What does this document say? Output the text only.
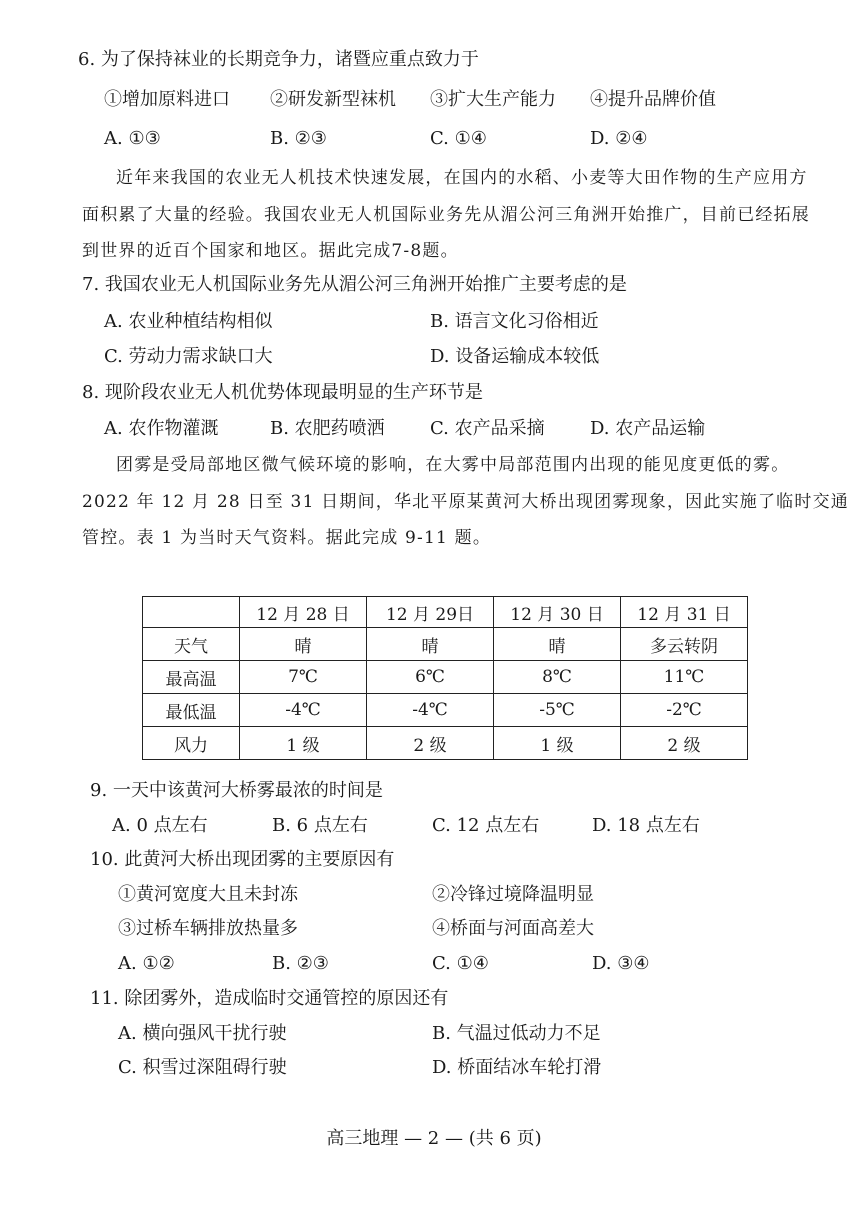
6. 为了保持袜业的长期竞争力，诸暨应重点致力于
①增加原料进口 ②研发新型袜机 ③扩大生产能力 ④提升品牌价值
A. ①③	B. ②③	C. ①④	D. ②④
近年来我国的农业无人机技术快速发展，在国内的水稻、小麦等大田作物的生产应用方
面积累了大量的经验。我国农业无人机国际业务先从湄公河三角洲开始推广，目前已经拓展
到世界的近百个国家和地区。据此完成7-8题。
7. 我国农业无人机国际业务先从湄公河三角洲开始推广主要考虑的是
A. 农业种植结构相似	B. 语言文化习俗相近
C. 劳动力需求缺口大	D. 设备运输成本较低
8. 现阶段农业无人机优势体现最明显的生产环节是
A. 农作物灌溉	B. 农肥药喷洒	C. 农产品采摘	D. 农产品运输
团雾是受局部地区微气候环境的影响，在大雾中局部范围内出现的能见度更低的雾。
2022 年 12 月 28 日至 31 日期间，华北平原某黄河大桥出现团雾现象，因此实施了临时交通
管控。表 1 为当时天气资料。据此完成 9-11 题。
	12 月 28 日	12 月 29日	12 月 30 日	12 月 31 日
天气	晴	晴	晴	多云转阴
最高温	7℃	6℃	8℃	11℃
最低温	-4℃	-4℃	-5℃	-2℃
风力	1 级	2 级	1 级	2 级
9. 一天中该黄河大桥雾最浓的时间是
A. 0 点左右	B. 6 点左右	C. 12 点左右	D. 18 点左右
10. 此黄河大桥出现团雾的主要原因有
①黄河宽度大且未封冻	②冷锋过境降温明显
③过桥车辆排放热量多	④桥面与河面高差大
A. ①②	B. ②③	C. ①④	D. ③④
11. 除团雾外，造成临时交通管控的原因还有
A. 横向强风干扰行驶	B. 气温过低动力不足
C. 积雪过深阻碍行驶	D. 桥面结冰车轮打滑
高三地理 — 2 — (共 6 页)
